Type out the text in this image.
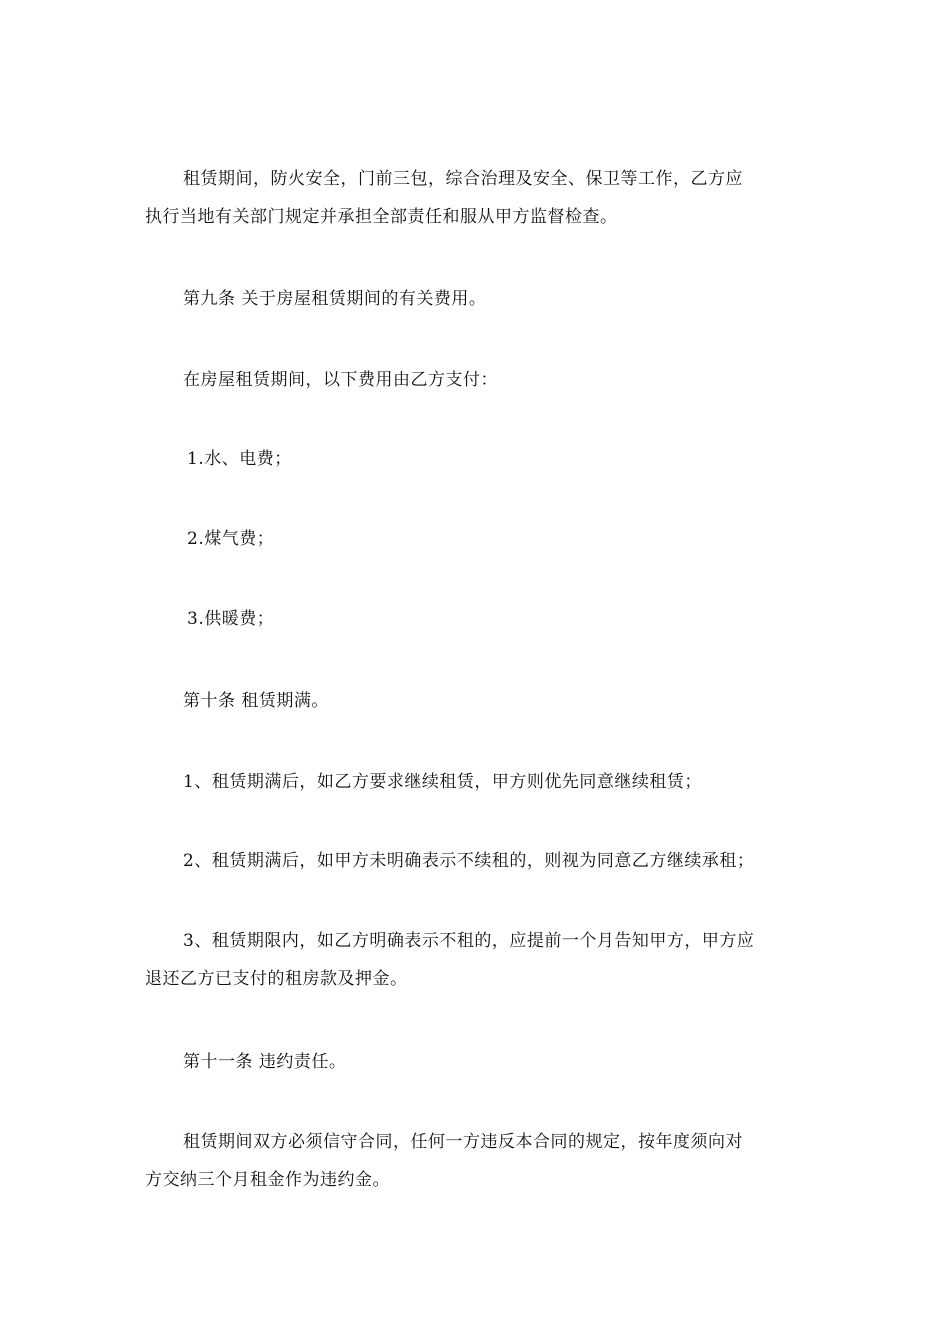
租赁期间，防火安全，门前三包，综合治理及安全、保卫等工作，乙方应
执行当地有关部门规定并承担全部责任和服从甲方监督检查。

第九条 关于房屋租赁期间的有关费用。

在房屋租赁期间，以下费用由乙方支付：

1.水、电费；

2.煤气费；

3.供暖费；

第十条 租赁期满。

1、租赁期满后，如乙方要求继续租赁，甲方则优先同意继续租赁；

2、租赁期满后，如甲方未明确表示不续租的，则视为同意乙方继续承租；

3、租赁期限内，如乙方明确表示不租的，应提前一个月告知甲方，甲方应
退还乙方已支付的租房款及押金。

第十一条 违约责任。

租赁期间双方必须信守合同，任何一方违反本合同的规定，按年度须向对
方交纳三个月租金作为违约金。
